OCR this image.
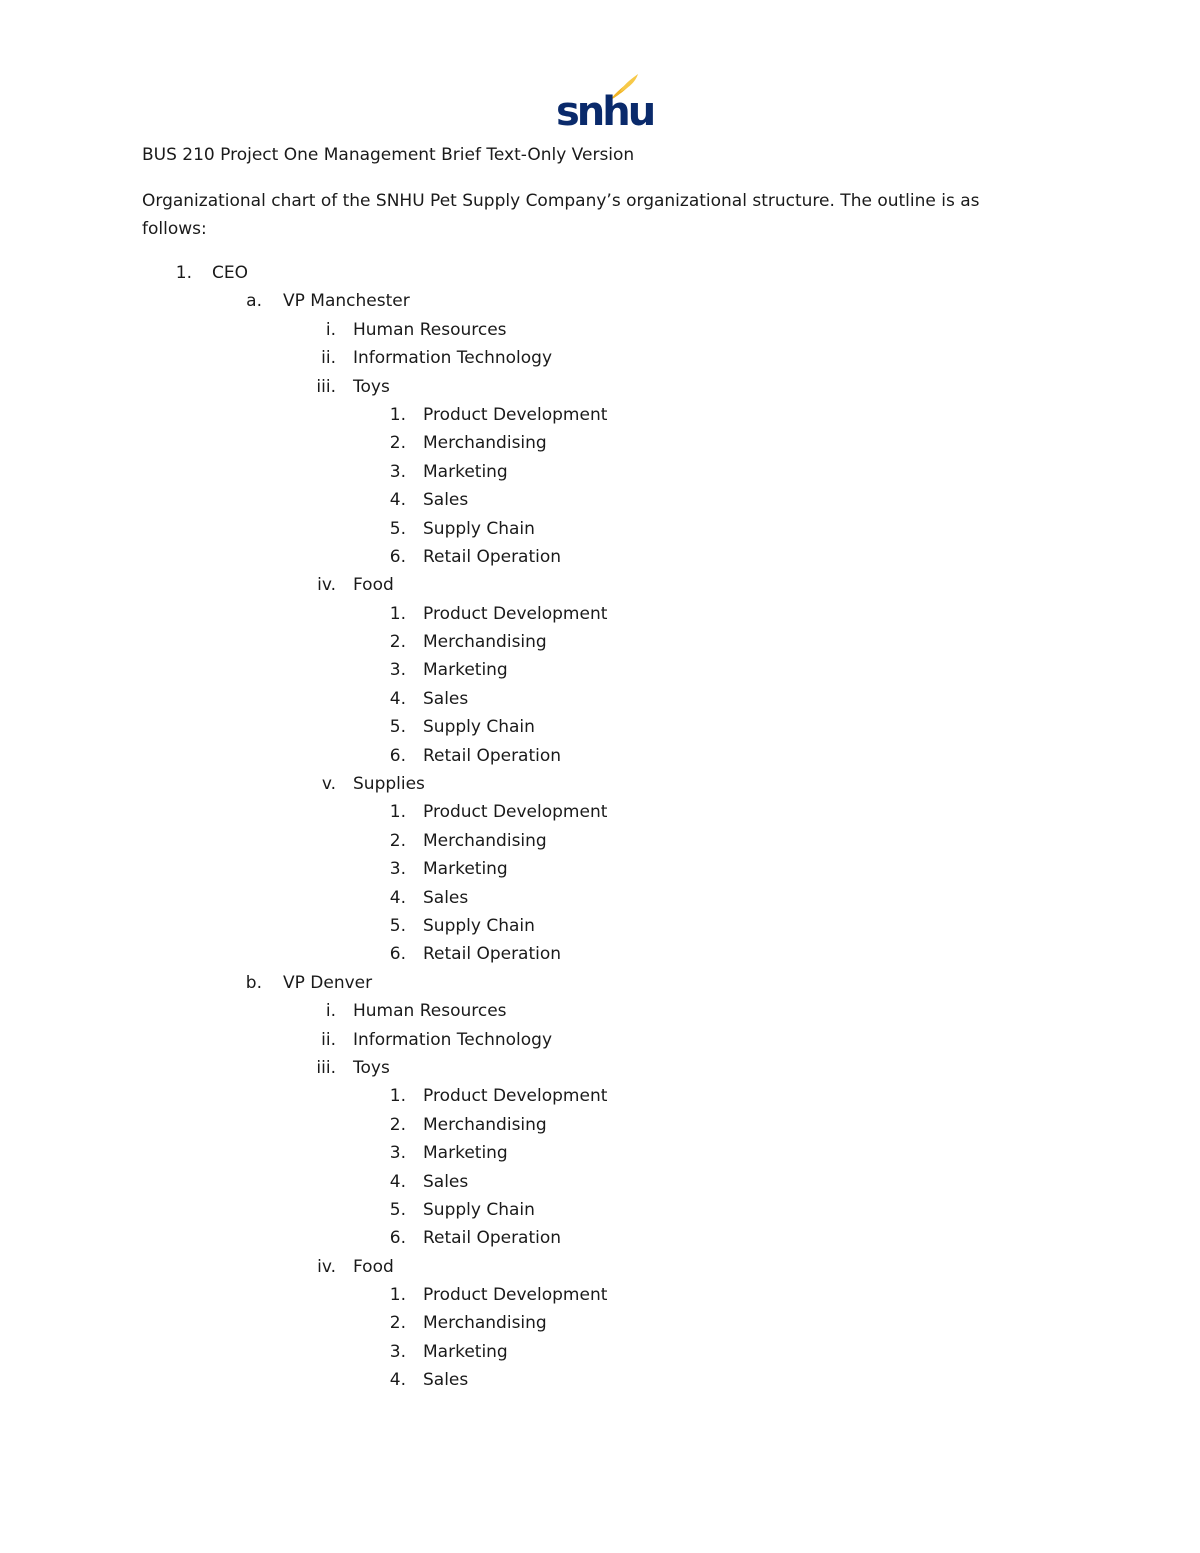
snhu
BUS 210 Project One Management Brief Text-Only Version
Organizational chart of the SNHU Pet Supply Company’s organizational structure. The outline is as follows:
1. CEO
a. VP Manchester
i. Human Resources
ii. Information Technology
iii. Toys
1. Product Development
2. Merchandising
3. Marketing
4. Sales
5. Supply Chain
6. Retail Operation
iv. Food
1. Product Development
2. Merchandising
3. Marketing
4. Sales
5. Supply Chain
6. Retail Operation
v. Supplies
1. Product Development
2. Merchandising
3. Marketing
4. Sales
5. Supply Chain
6. Retail Operation
b. VP Denver
i. Human Resources
ii. Information Technology
iii. Toys
1. Product Development
2. Merchandising
3. Marketing
4. Sales
5. Supply Chain
6. Retail Operation
iv. Food
1. Product Development
2. Merchandising
3. Marketing
4. Sales
